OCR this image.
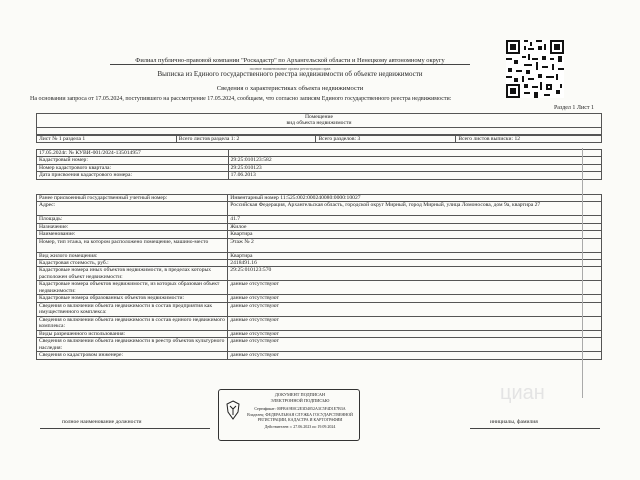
Филиал публично-правовой компании "Роскадастр" по Архангельской области и Ненецкому автономному округу
полное наименование органа регистрации прав
Выписка из Единого государственного реестра недвижимости об объекте недвижимости
Сведения о характеристиках объекта недвижимости
На основании запроса от 17.05.2024, поступившего на рассмотрение 17.05.2024, сообщаем, что согласно записям Единого государственного реестра недвижимости:
Раздел 1 Лист 1
Помещение
вид объекта недвижимости

Лист № 1 раздела 1	Всего листов раздела 1: 2	Всего разделов: 3	Всего листов выписки: 12
17.05.2024г. № КУВИ-001/2024-135014957	
Кадастровый номер:	29:25:010123:582
Номер кадастрового квартала:	29:25:010123
Дата присвоения кадастрового номера:	17.06.2013
Ранее присвоенный государственный учетный номер:	Инвентарный номер 11:525:002:000240080:0000:10027
Адрес:	Российская Федерация, Архангельская область, городской округ Мирный, город Мирный, улица Ломоносова, дом 9а, квартира 27
Площадь:	41.7
Назначение:	Жилое
Наименование:	Квартира
Номер, тип этажа, на котором расположено помещение, машино-место	Этаж № 2
Вид жилого помещения:	Квартира
Кадастровая стоимость, руб.:	2418491.16
Кадастровые номера иных объектов недвижимости, в пределах которых расположен объект недвижимости:	29:25:010123:570
Кадастровые номера объектов недвижимости, из которых образован объект недвижимости:	данные отсутствуют
Кадастровые номера образованных объектов недвижимости:	данные отсутствуют
Сведения о включении объекта недвижимости в состав предприятия как имущественного комплекса:	данные отсутствуют
Сведения о включении объекта недвижимости в состав единого недвижимого комплекса:	данные отсутствуют
Виды разрешенного использования:	данные отсутствуют
Сведения о включении объекта недвижимости в реестр объектов культурного наследия:	данные отсутствуют
Сведения о кадастровом инженере:	данные отсутствуют
циан
ДОКУМЕНТ ПОДПИСАН
ЭЛЕКТРОННОЙ ПОДПИСЬЮ
Сертификат: 00FBA9E0C2E3D4052A3C5F4D1E7B3A
Владелец: ФЕДЕРАЛЬНАЯ СЛУЖБА ГОСУДАРСТВЕННОЙ
РЕГИСТРАЦИИ, КАДАСТРА И КАРТОГРАФИИ
Действителен: с 27.06.2023 по 19.09.2024
полное наименование должности	инициалы, фамилия
